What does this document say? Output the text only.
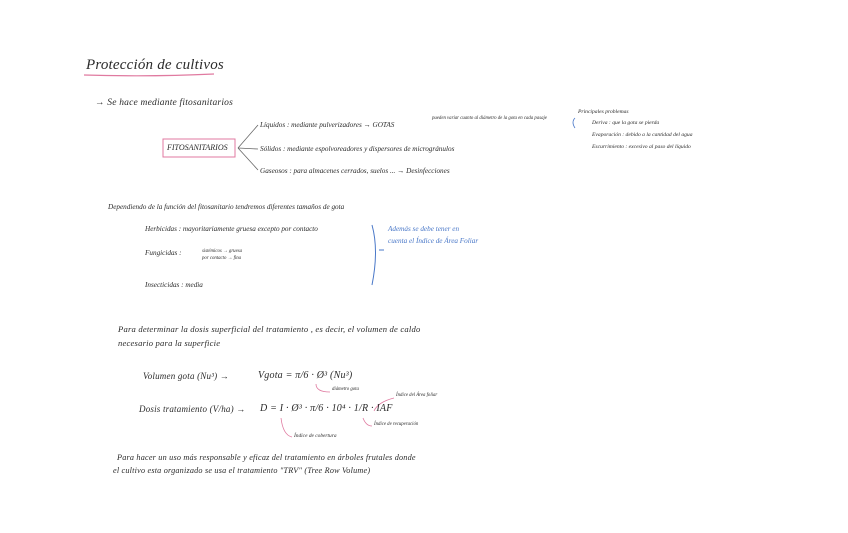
Protección de cultivos
→ Se hace mediante fitosanitarios
FITOSANITARIOS
Líquidos : mediante pulverizadores → GOTAS
pueden variar cuanto al diámetro de la gota en cada pasaje
Sólidos : mediante espolvoreadores y dispersores de microgránulos
Gaseosos : para almacenes cerrados, suelos ... → Desinfecciones
Principales problemas
Deriva : que la gota se pierda
Evaporación : debido a la cantidad del agua
Escurrimiento : excesivo al paso del líquido
Dependiendo de la función del fitosanitario tendremos diferentes tamaños de gota
Herbicidas : mayoritariamente gruesa excepto por contacto
Fungicidas :	sistémicos → gruesa
por contacto → fina
Insecticidas : media
Además se debe tener en
cuenta el Índice de Área Foliar
Para determinar la dosis superficial del tratamiento , es decir, el volumen de caldo
necesario para la superficie
Volumen gota (Nu³) →	Vgota = π/6 · Ø³ (Nu³)
diámetro gota
Dosis tratamiento (V/ha) → D = I · Ø³ · π/6 · 10⁴ · 1/R · IAF
Índice del Área foliar
Índice de recuperación
Índice de cobertura
Para hacer un uso más responsable y eficaz del tratamiento en árboles frutales donde
el cultivo esta organizado se usa el tratamiento "TRV" (Tree Row Volume)
